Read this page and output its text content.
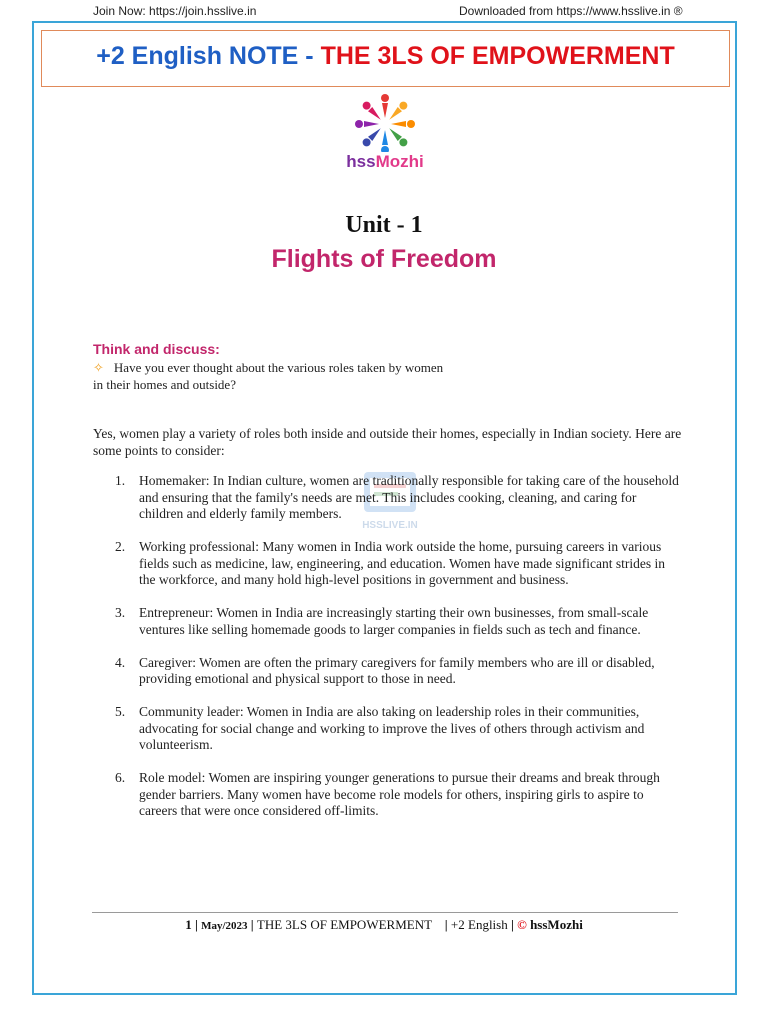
Join Now: https://join.hsslive.in	Downloaded from https://www.hsslive.in ®
+2 English NOTE - THE 3LS OF EMPOWERMENT
hssMozhi
Unit - 1
Flights of Freedom
Think and discuss:
✧ Have you ever thought about the various roles taken by women in their homes and outside?
Yes, women play a variety of roles both inside and outside their homes, especially in Indian society. Here are some points to consider:
HSSLIVE.IN
1. Homemaker: In Indian culture, women are traditionally responsible for taking care of the household and ensuring that the family's needs are met. This includes cooking, cleaning, and caring for children and elderly family members.
2. Working professional: Many women in India work outside the home, pursuing careers in various fields such as medicine, law, engineering, and education. Women have made significant strides in the workforce, and many hold high-level positions in government and business.
3. Entrepreneur: Women in India are increasingly starting their own businesses, from small-scale ventures like selling homemade goods to larger companies in fields such as tech and finance.
4. Caregiver: Women are often the primary caregivers for family members who are ill or disabled, providing emotional and physical support to those in need.
5. Community leader: Women in India are also taking on leadership roles in their communities, advocating for social change and working to improve the lives of others through activism and volunteerism.
6. Role model: Women are inspiring younger generations to pursue their dreams and break through gender barriers. Many women have become role models for others, inspiring girls to aspire to careers that were once considered off-limits.
1 | May/2023 | THE 3LS OF EMPOWERMENT    | +2 English | © hssMozhi
